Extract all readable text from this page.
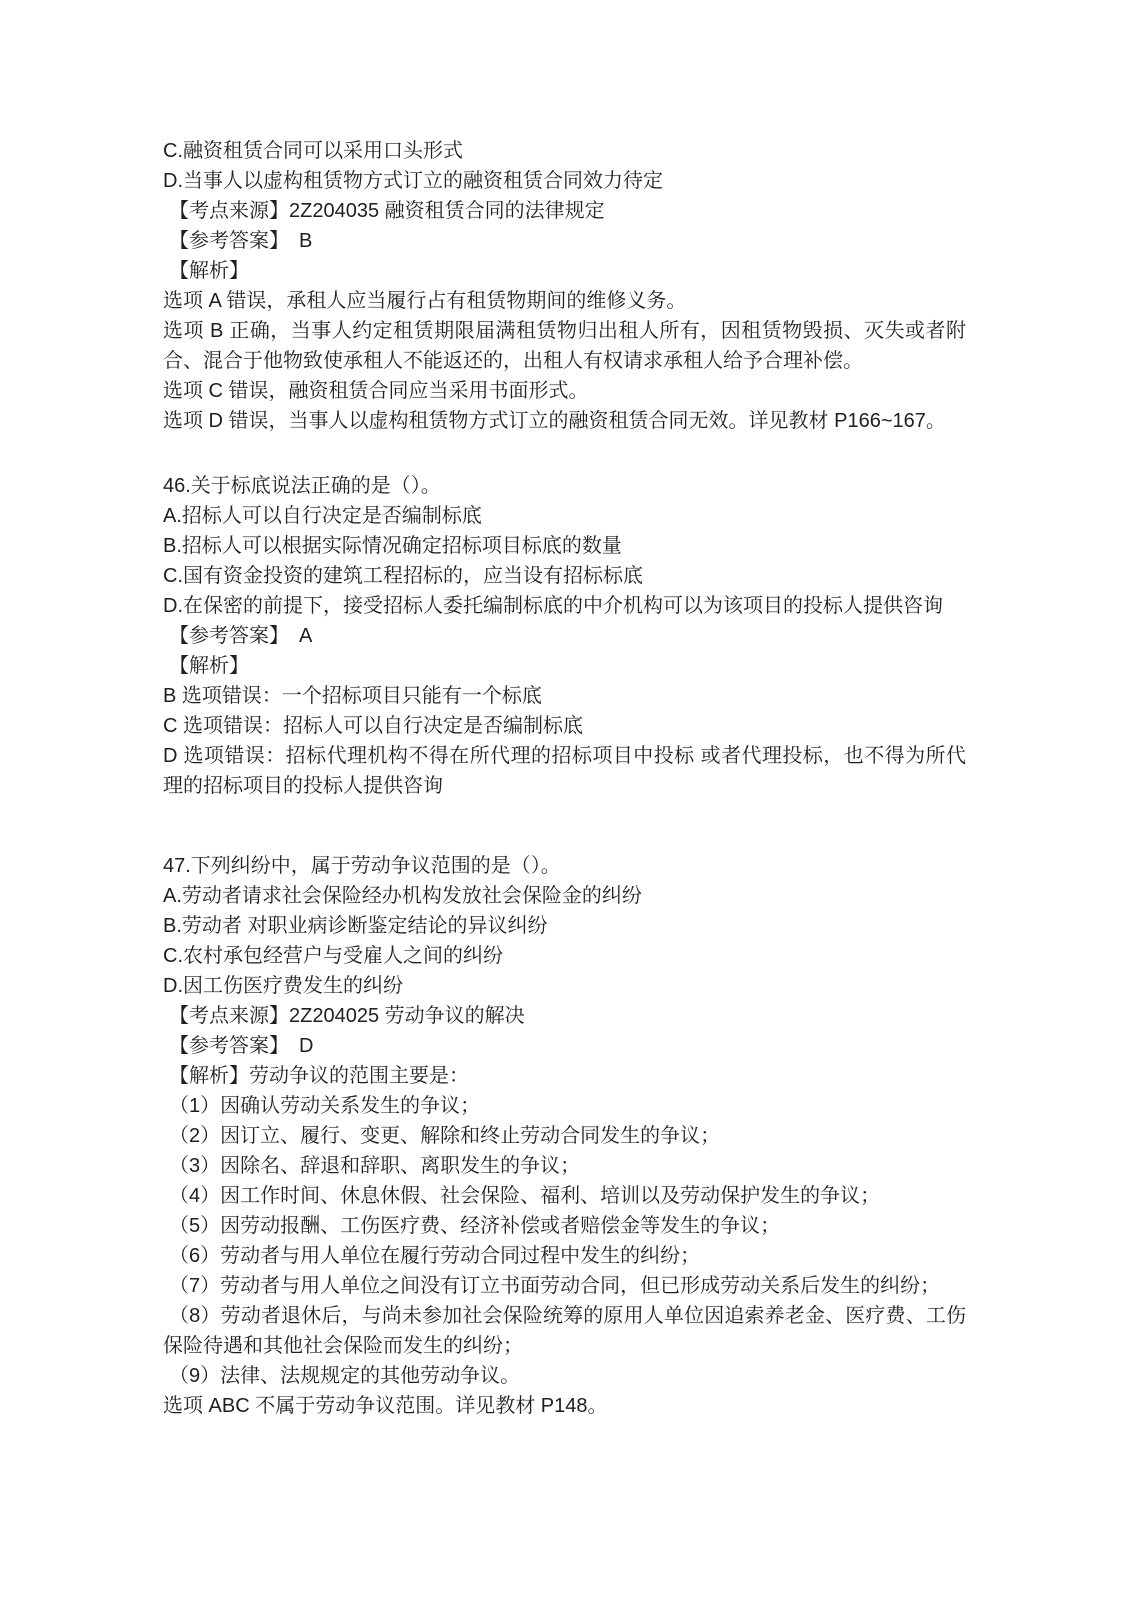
C.融资租赁合同可以采用口头形式

D.当事人以虚构租赁物方式订立的融资租赁合同效力待定

【考点来源】2Z204035 融资租赁合同的法律规定

【参考答案】　B

【解析】

选项 A 错误，承租人应当履行占有租赁物期间的维修义务。

选项 B 正确，当事人约定租赁期限届满租赁物归出租人所有，因租赁物毁损、灭失或者附合、混合于他物致使承租人不能返还的，出租人有权请求承租人给予合理补偿。

选项 C 错误，融资租赁合同应当采用书面形式。

选项 D 错误，当事人以虚构租赁物方式订立的融资租赁合同无效。详见教材 P166~167。

46.关于标底说法正确的是（）。

A.招标人可以自行决定是否编制标底

B.招标人可以根据实际情况确定招标项目标底的数量

C.国有资金投资的建筑工程招标的，应当设有招标标底

D.在保密的前提下，接受招标人委托编制标底的中介机构可以为该项目的投标人提供咨询

【参考答案】　A

【解析】

B 选项错误：一个招标项目只能有一个标底

C 选项错误：招标人可以自行决定是否编制标底

D 选项错误：招标代理机构不得在所代理的招标项目中投标 或者代理投标，也不得为所代理的招标项目的投标人提供咨询

47.下列纠纷中，属于劳动争议范围的是（）。

A.劳动者请求社会保险经办机构发放社会保险金的纠纷

B.劳动者 对职业病诊断鉴定结论的异议纠纷

C.农村承包经营户与受雇人之间的纠纷

D.因工伤医疗费发生的纠纷

【考点来源】2Z204025 劳动争议的解决

【参考答案】　D

【解析】劳动争议的范围主要是：

（1）因确认劳动关系发生的争议；

（2）因订立、履行、变更、解除和终止劳动合同发生的争议；

（3）因除名、辞退和辞职、离职发生的争议；

（4）因工作时间、休息休假、社会保险、福利、培训以及劳动保护发生的争议；

（5）因劳动报酬、工伤医疗费、经济补偿或者赔偿金等发生的争议；

（6）劳动者与用人单位在履行劳动合同过程中发生的纠纷；

（7）劳动者与用人单位之间没有订立书面劳动合同，但已形成劳动关系后发生的纠纷；

（8）劳动者退休后，与尚未参加社会保险统筹的原用人单位因追索养老金、医疗费、工伤保险待遇和其他社会保险而发生的纠纷；

（9）法律、法规规定的其他劳动争议。

选项 ABC 不属于劳动争议范围。详见教材 P148。
